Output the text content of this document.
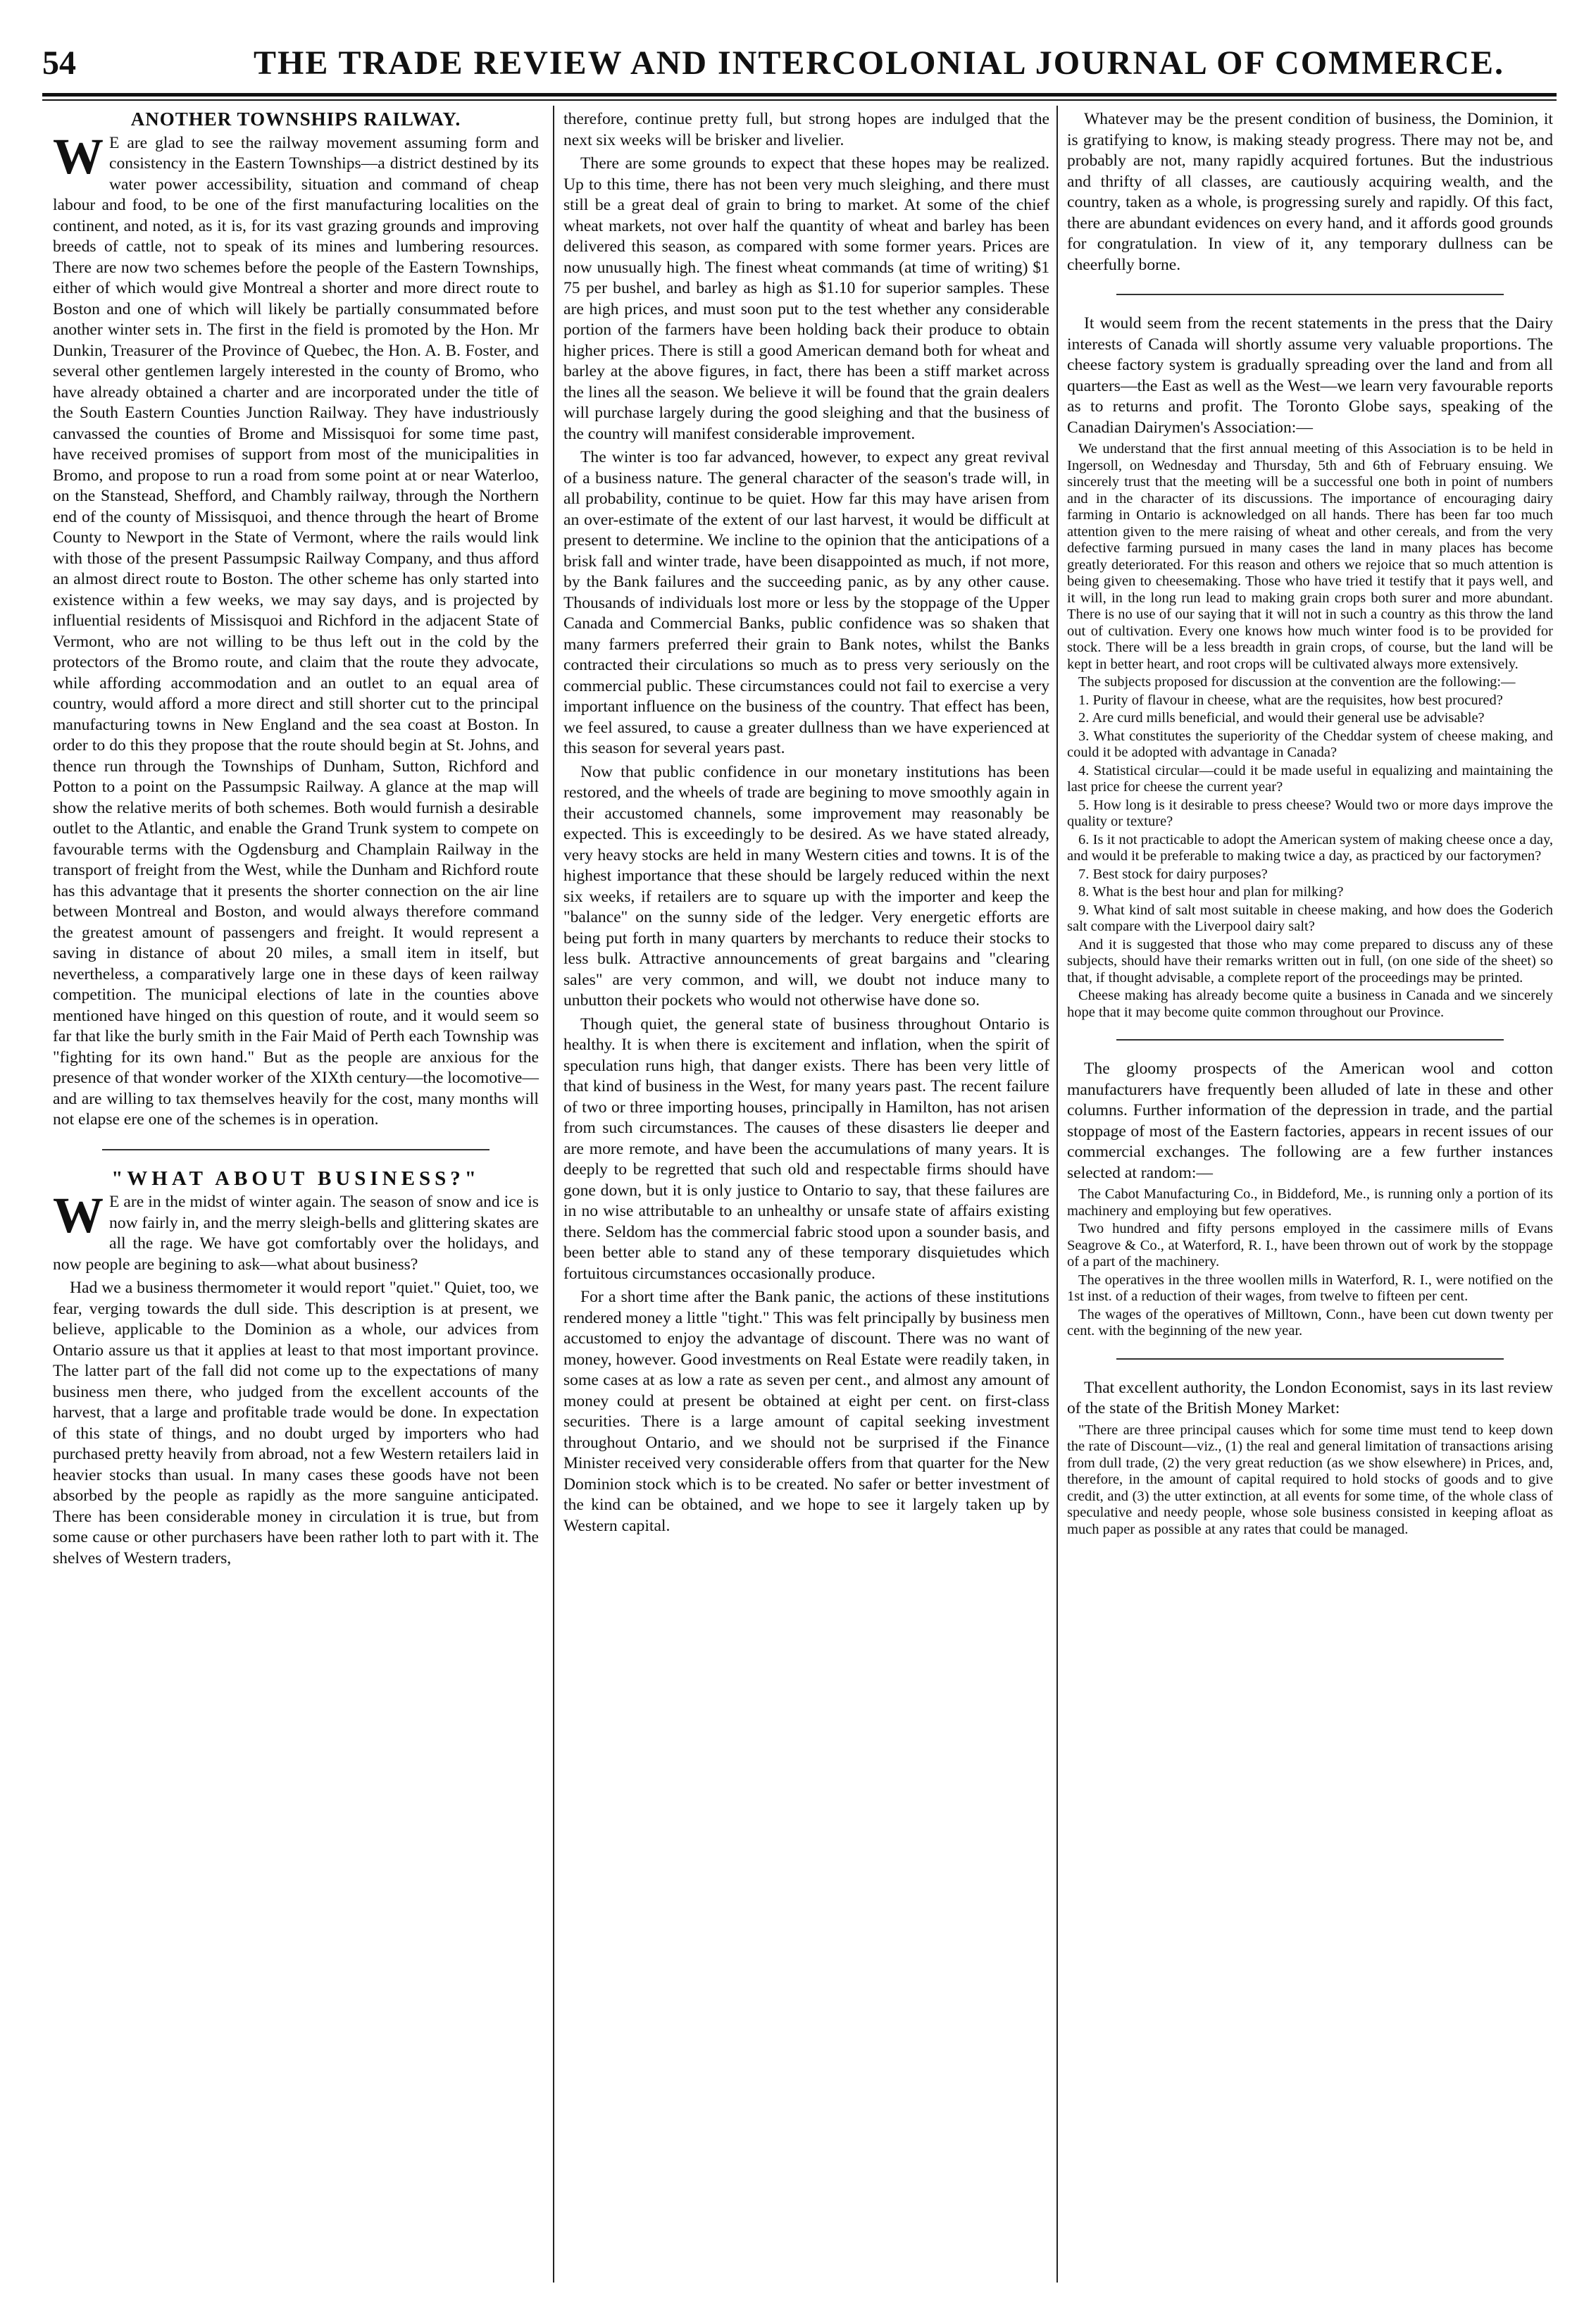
54	THE TRADE REVIEW AND INTERCOLONIAL JOURNAL OF COMMERCE.

ANOTHER TOWNSHIPS RAILWAY.

W E are glad to see the railway movement assuming form and consistency in the Eastern Townships—a district destined by its water power accessibility, situation and command of cheap labour and food, to be one of the first manufacturing localities on the continent, and noted, as it is, for its vast grazing grounds and improving breeds of cattle, not to speak of its mines and lumbering resources. There are now two schemes before the people of the Eastern Townships, either of which would give Montreal a shorter and more direct route to Boston and one of which will likely be partially consummated before another winter sets in. The first in the field is promoted by the Hon. Mr Dunkin, Treasurer of the Province of Quebec, the Hon. A. B. Foster, and several other gentlemen largely interested in the county of Bromo, who have already obtained a charter and are incorporated under the title of the South Eastern Counties Junction Railway. They have industriously canvassed the counties of Brome and Missisquoi for some time past, have received promises of support from most of the municipalities in Bromo, and propose to run a road from some point at or near Waterloo, on the Stanstead, Shefford, and Chambly railway, through the Northern end of the county of Missisquoi, and thence through the heart of Brome County to Newport in the State of Vermont, where the rails would link with those of the present Passumpsic Railway Company, and thus afford an almost direct route to Boston. The other scheme has only started into existence within a few weeks, we may say days, and is projected by influential residents of Missisquoi and Richford in the adjacent State of Vermont, who are not willing to be thus left out in the cold by the protectors of the Bromo route, and claim that the route they advocate, while affording accommodation and an outlet to an equal area of country, would afford a more direct and still shorter cut to the principal manufacturing towns in New England and the sea coast at Boston. In order to do this they propose that the route should begin at St. Johns, and thence run through the Townships of Dunham, Sutton, Richford and Potton to a point on the Passumpsic Railway. A glance at the map will show the relative merits of both schemes. Both would furnish a desirable outlet to the Atlantic, and enable the Grand Trunk system to compete on favourable terms with the Ogdensburg and Champlain Railway in the transport of freight from the West, while the Dunham and Richford route has this advantage that it presents the shorter connection on the air line between Montreal and Boston, and would always therefore command the greatest amount of passengers and freight. It would represent a saving in distance of about 20 miles, a small item in itself, but nevertheless, a comparatively large one in these days of keen railway competition. The municipal elections of late in the counties above mentioned have hinged on this question of route, and it would seem so far that like the burly smith in the Fair Maid of Perth each Township was "fighting for its own hand." But as the people are anxious for the presence of that wonder worker of the XIXth century—the locomotive—and are willing to tax themselves heavily for the cost, many months will not elapse ere one of the schemes is in operation.

"WHAT ABOUT BUSINESS?"

W E are in the midst of winter again. The season of snow and ice is now fairly in, and the merry sleigh-bells and glittering skates are all the rage. We have got comfortably over the holidays, and now people are begining to ask—what about business?

Had we a business thermometer it would report "quiet." Quiet, too, we fear, verging towards the dull side. This description is at present, we believe, applicable to the Dominion as a whole, our advices from Ontario assure us that it applies at least to that most important province. The latter part of the fall did not come up to the expectations of many business men there, who judged from the excellent accounts of the harvest, that a large and profitable trade would be done. In expectation of this state of things, and no doubt urged by importers who had purchased pretty heavily from abroad, not a few Western retailers laid in heavier stocks than usual. In many cases these goods have not been absorbed by the people as rapidly as the more sanguine anticipated. There has been considerable money in circulation it is true, but from some cause or other purchasers have been rather loth to part with it. The shelves of Western traders,

therefore, continue pretty full, but strong hopes are indulged that the next six weeks will be brisker and livelier.

There are some grounds to expect that these hopes may be realized. Up to this time, there has not been very much sleighing, and there must still be a great deal of grain to bring to market. At some of the chief wheat markets, not over half the quantity of wheat and barley has been delivered this season, as compared with some former years. Prices are now unusually high. The finest wheat commands (at time of writing) $1 75 per bushel, and barley as high as $1.10 for superior samples. These are high prices, and must soon put to the test whether any considerable portion of the farmers have been holding back their produce to obtain higher prices. There is still a good American demand both for wheat and barley at the above figures, in fact, there has been a stiff market across the lines all the season. We believe it will be found that the grain dealers will purchase largely during the good sleighing and that the business of the country will manifest considerable improvement.

The winter is too far advanced, however, to expect any great revival of a business nature. The general character of the season's trade will, in all probability, continue to be quiet. How far this may have arisen from an over-estimate of the extent of our last harvest, it would be difficult at present to determine. We incline to the opinion that the anticipations of a brisk fall and winter trade, have been disappointed as much, if not more, by the Bank failures and the succeeding panic, as by any other cause. Thousands of individuals lost more or less by the stoppage of the Upper Canada and Commercial Banks, public confidence was so shaken that many farmers preferred their grain to Bank notes, whilst the Banks contracted their circulations so much as to press very seriously on the commercial public. These circumstances could not fail to exercise a very important influence on the business of the country. That effect has been, we feel assured, to cause a greater dullness than we have experienced at this season for several years past.

Now that public confidence in our monetary institutions has been restored, and the wheels of trade are begining to move smoothly again in their accustomed channels, some improvement may reasonably be expected. This is exceedingly to be desired. As we have stated already, very heavy stocks are held in many Western cities and towns. It is of the highest importance that these should be largely reduced within the next six weeks, if retailers are to square up with the importer and keep the "balance" on the sunny side of the ledger. Very energetic efforts are being put forth in many quarters by merchants to reduce their stocks to less bulk. Attractive announcements of great bargains and "clearing sales" are very common, and will, we doubt not induce many to unbutton their pockets who would not otherwise have done so.

Though quiet, the general state of business throughout Ontario is healthy. It is when there is excitement and inflation, when the spirit of speculation runs high, that danger exists. There has been very little of that kind of business in the West, for many years past. The recent failure of two or three importing houses, principally in Hamilton, has not arisen from such circumstances. The causes of these disasters lie deeper and are more remote, and have been the accumulations of many years. It is deeply to be regretted that such old and respectable firms should have gone down, but it is only justice to Ontario to say, that these failures are in no wise attributable to an unhealthy or unsafe state of affairs existing there. Seldom has the commercial fabric stood upon a sounder basis, and been better able to stand any of these temporary disquietudes which fortuitous circumstances occasionally produce.

For a short time after the Bank panic, the actions of these institutions rendered money a little "tight." This was felt principally by business men accustomed to enjoy the advantage of discount. There was no want of money, however. Good investments on Real Estate were readily taken, in some cases at as low a rate as seven per cent., and almost any amount of money could at present be obtained at eight per cent. on first-class securities. There is a large amount of capital seeking investment throughout Ontario, and we should not be surprised if the Finance Minister received very considerable offers from that quarter for the New Dominion stock which is to be created. No safer or better investment of the kind can be obtained, and we hope to see it largely taken up by Western capital.

Whatever may be the present condition of business, the Dominion, it is gratifying to know, is making steady progress. There may not be, and probably are not, many rapidly acquired fortunes. But the industrious and thrifty of all classes, are cautiously acquiring wealth, and the country, taken as a whole, is progressing surely and rapidly. Of this fact, there are abundant evidences on every hand, and it affords good grounds for congratulation. In view of it, any temporary dullness can be cheerfully borne.

It would seem from the recent statements in the press that the Dairy interests of Canada will shortly assume very valuable proportions. The cheese factory system is gradually spreading over the land and from all quarters—the East as well as the West—we learn very favourable reports as to returns and profit. The Toronto Globe says, speaking of the Canadian Dairymen's Association:—

We understand that the first annual meeting of this Association is to be held in Ingersoll, on Wednesday and Thursday, 5th and 6th of February ensuing. We sincerely trust that the meeting will be a successful one both in point of numbers and in the character of its discussions. The importance of encouraging dairy farming in Ontario is acknowledged on all hands. There has been far too much attention given to the mere raising of wheat and other cereals, and from the very defective farming pursued in many cases the land in many places has become greatly deteriorated. For this reason and others we rejoice that so much attention is being given to cheesemaking. Those who have tried it testify that it pays well, and it will, in the long run lead to making grain crops both surer and more abundant. There is no use of our saying that it will not in such a country as this throw the land out of cultivation. Every one knows how much winter food is to be provided for stock. There will be a less breadth in grain crops, of course, but the land will be kept in better heart, and root crops will be cultivated always more extensively.

The subjects proposed for discussion at the convention are the following:—

1. Purity of flavour in cheese, what are the requisites, how best procured?

2. Are curd mills beneficial, and would their general use be advisable?

3. What constitutes the superiority of the Cheddar system of cheese making, and could it be adopted with advantage in Canada?

4. Statistical circular—could it be made useful in equalizing and maintaining the last price for cheese the current year?

5. How long is it desirable to press cheese? Would two or more days improve the quality or texture?

6. Is it not practicable to adopt the American system of making cheese once a day, and would it be preferable to making twice a day, as practiced by our factorymen?

7. Best stock for dairy purposes?

8. What is the best hour and plan for milking?

9. What kind of salt most suitable in cheese making, and how does the Goderich salt compare with the Liverpool dairy salt?

And it is suggested that those who may come prepared to discuss any of these subjects, should have their remarks written out in full, (on one side of the sheet) so that, if thought advisable, a complete report of the proceedings may be printed.

Cheese making has already become quite a business in Canada and we sincerely hope that it may become quite common throughout our Province.

The gloomy prospects of the American wool and cotton manufacturers have frequently been alluded of late in these and other columns. Further information of the depression in trade, and the partial stoppage of most of the Eastern factories, appears in recent issues of our commercial exchanges. The following are a few further instances selected at random:—

The Cabot Manufacturing Co., in Biddeford, Me., is running only a portion of its machinery and employing but few operatives.

Two hundred and fifty persons employed in the cassimere mills of Evans Seagrove & Co., at Waterford, R. I., have been thrown out of work by the stoppage of a part of the machinery.

The operatives in the three woollen mills in Waterford, R. I., were notified on the 1st inst. of a reduction of their wages, from twelve to fifteen per cent.

The wages of the operatives of Milltown, Conn., have been cut down twenty per cent. with the beginning of the new year.

That excellent authority, the London Economist, says in its last review of the state of the British Money Market:

"There are three principal causes which for some time must tend to keep down the rate of Discount—viz., (1) the real and general limitation of transactions arising from dull trade, (2) the very great reduction (as we show elsewhere) in Prices, and, therefore, in the amount of capital required to hold stocks of goods and to give credit, and (3) the utter extinction, at all events for some time, of the whole class of speculative and needy people, whose sole business consisted in keeping afloat as much paper as possible at any rates that could be managed.
